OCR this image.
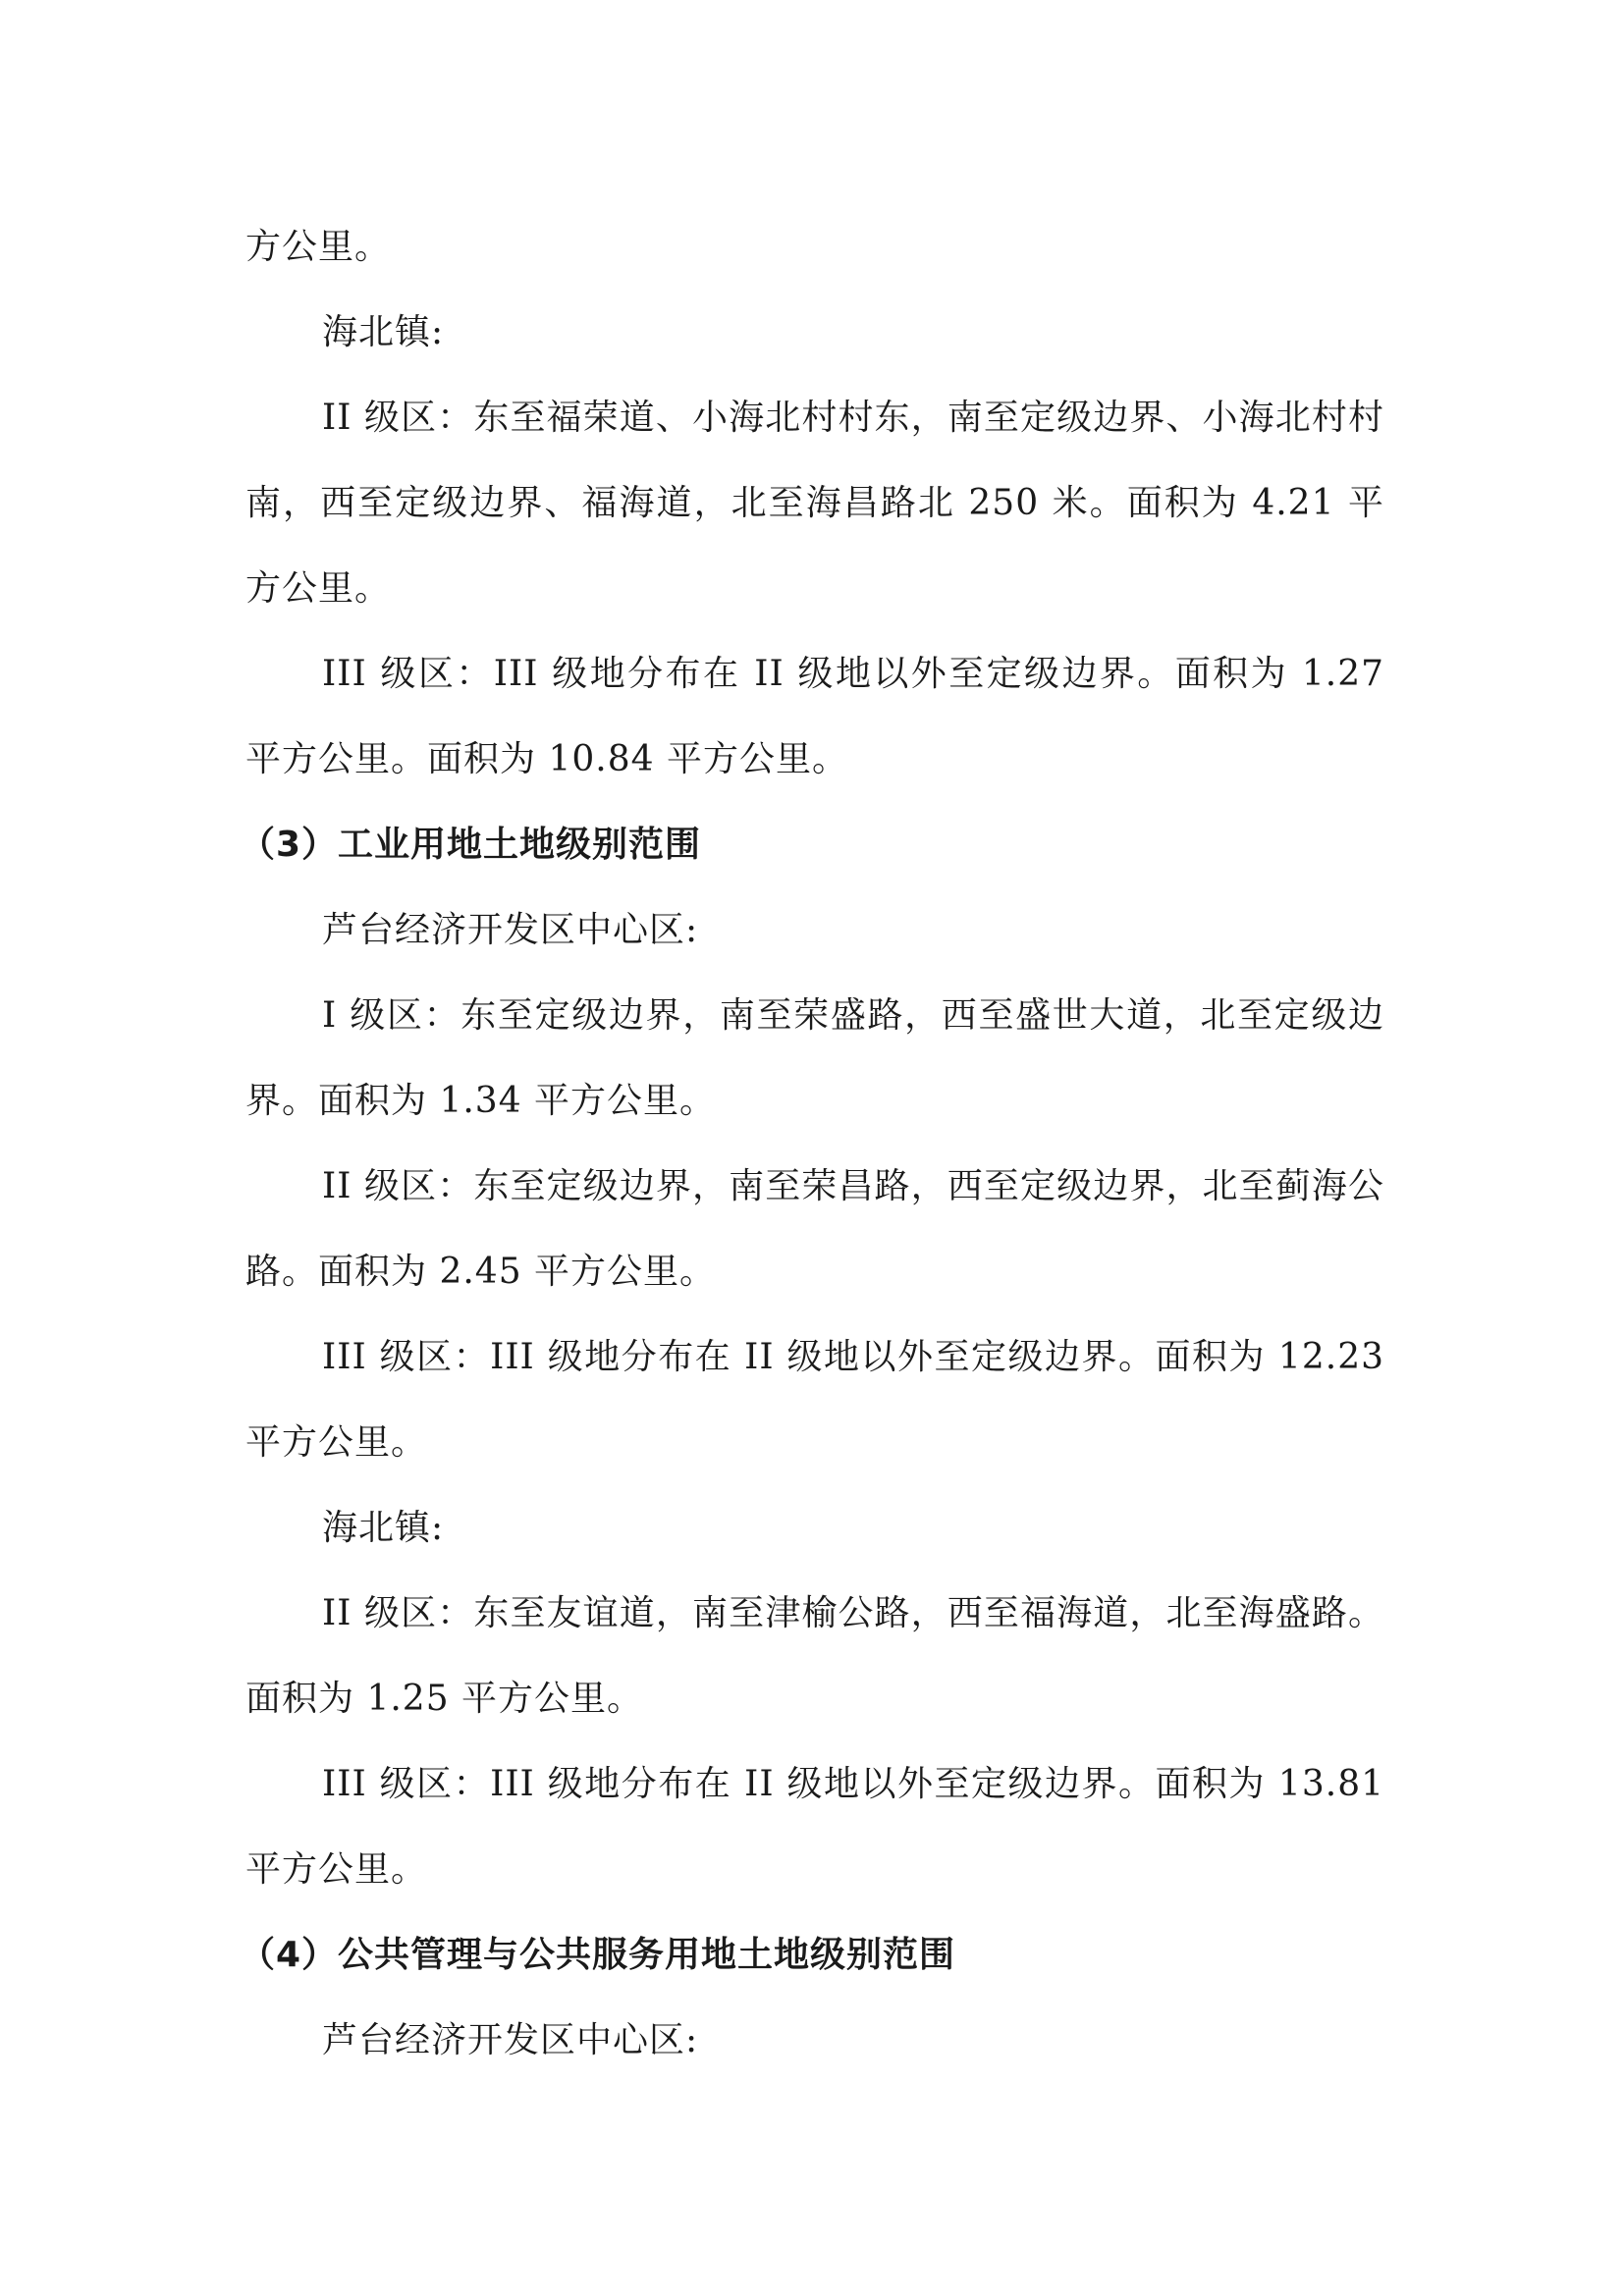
方公里。

海北镇:

II 级区：东至福荣道、小海北村村东，南至定级边界、小海北村村南，西至定级边界、福海道，北至海昌路北 250 米。面积为 4.21 平方公里。

III 级区：III 级地分布在 II 级地以外至定级边界。面积为 1.27 平方公里。面积为 10.84 平方公里。

（3）工业用地土地级别范围

芦台经济开发区中心区:

I 级区：东至定级边界，南至荣盛路，西至盛世大道，北至定级边界。面积为 1.34 平方公里。

II 级区：东至定级边界，南至荣昌路，西至定级边界，北至蓟海公路。面积为 2.45 平方公里。

III 级区：III 级地分布在 II 级地以外至定级边界。面积为 12.23 平方公里。

海北镇:

II 级区：东至友谊道，南至津榆公路，西至福海道，北至海盛路。面积为 1.25 平方公里。

III 级区：III 级地分布在 II 级地以外至定级边界。面积为 13.81 平方公里。

（4）公共管理与公共服务用地土地级别范围

芦台经济开发区中心区:
